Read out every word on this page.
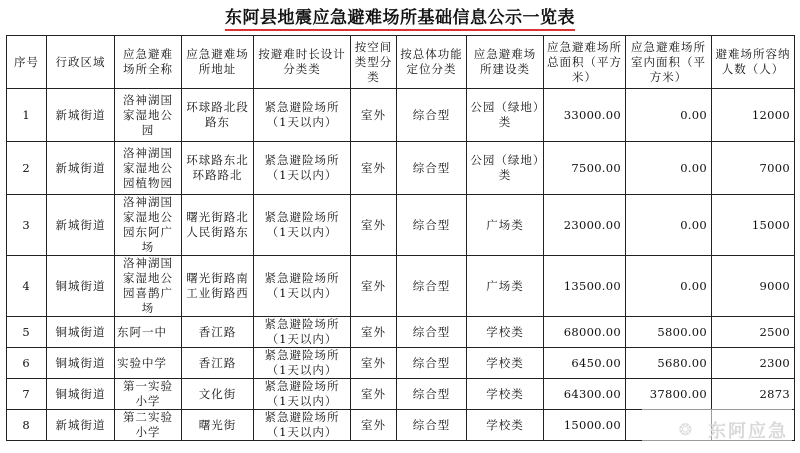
东阿县地震应急避难场所基础信息公示一览表
序号	行政区域	应急避难场所全称	应急避难场所地址	按避难时长设计分类类	按空间类型分类	按总体功能定位分类	应急避难场所建设类	应急避难场所总面积（平方米）	应急避难场所室内面积（平方米）	避难场所容纳人数（人）
1	新城街道	洛神湖国家湿地公园	环球路北段路东	紧急避险场所（1天以内）	室外	综合型	公园（绿地）类	33000.00	0.00	12000
2	新城街道	洛神湖国家湿地公园植物园	环球路东北环路路北	紧急避险场所（1天以内）	室外	综合型	公园（绿地）类	7500.00	0.00	7000
3	新城街道	洛神湖国家湿地公园东阿广场	曙光街路北人民街路东	紧急避险场所（1天以内）	室外	综合型	广场类	23000.00	0.00	15000
4	铜城街道	洛神湖国家湿地公园喜鹊广场	曙光街路南工业街路西	紧急避险场所（1天以内）	室外	综合型	广场类	13500.00	0.00	9000
5	铜城街道	东阿一中	香江路	紧急避险场所（1天以内）	室外	综合型	学校类	68000.00	5800.00	2500
6	铜城街道	实验中学	香江路	紧急避险场所（1天以内）	室外	综合型	学校类	6450.00	5680.00	2300
7	铜城街道	第一实验小学	文化街	紧急避险场所（1天以内）	室外	综合型	学校类	64300.00	37800.00	2873
8	新城街道	第二实验小学	曙光街	紧急避险场所（1天以内）	室外	综合型	学校类	15000.00			❂ 东阿应急
